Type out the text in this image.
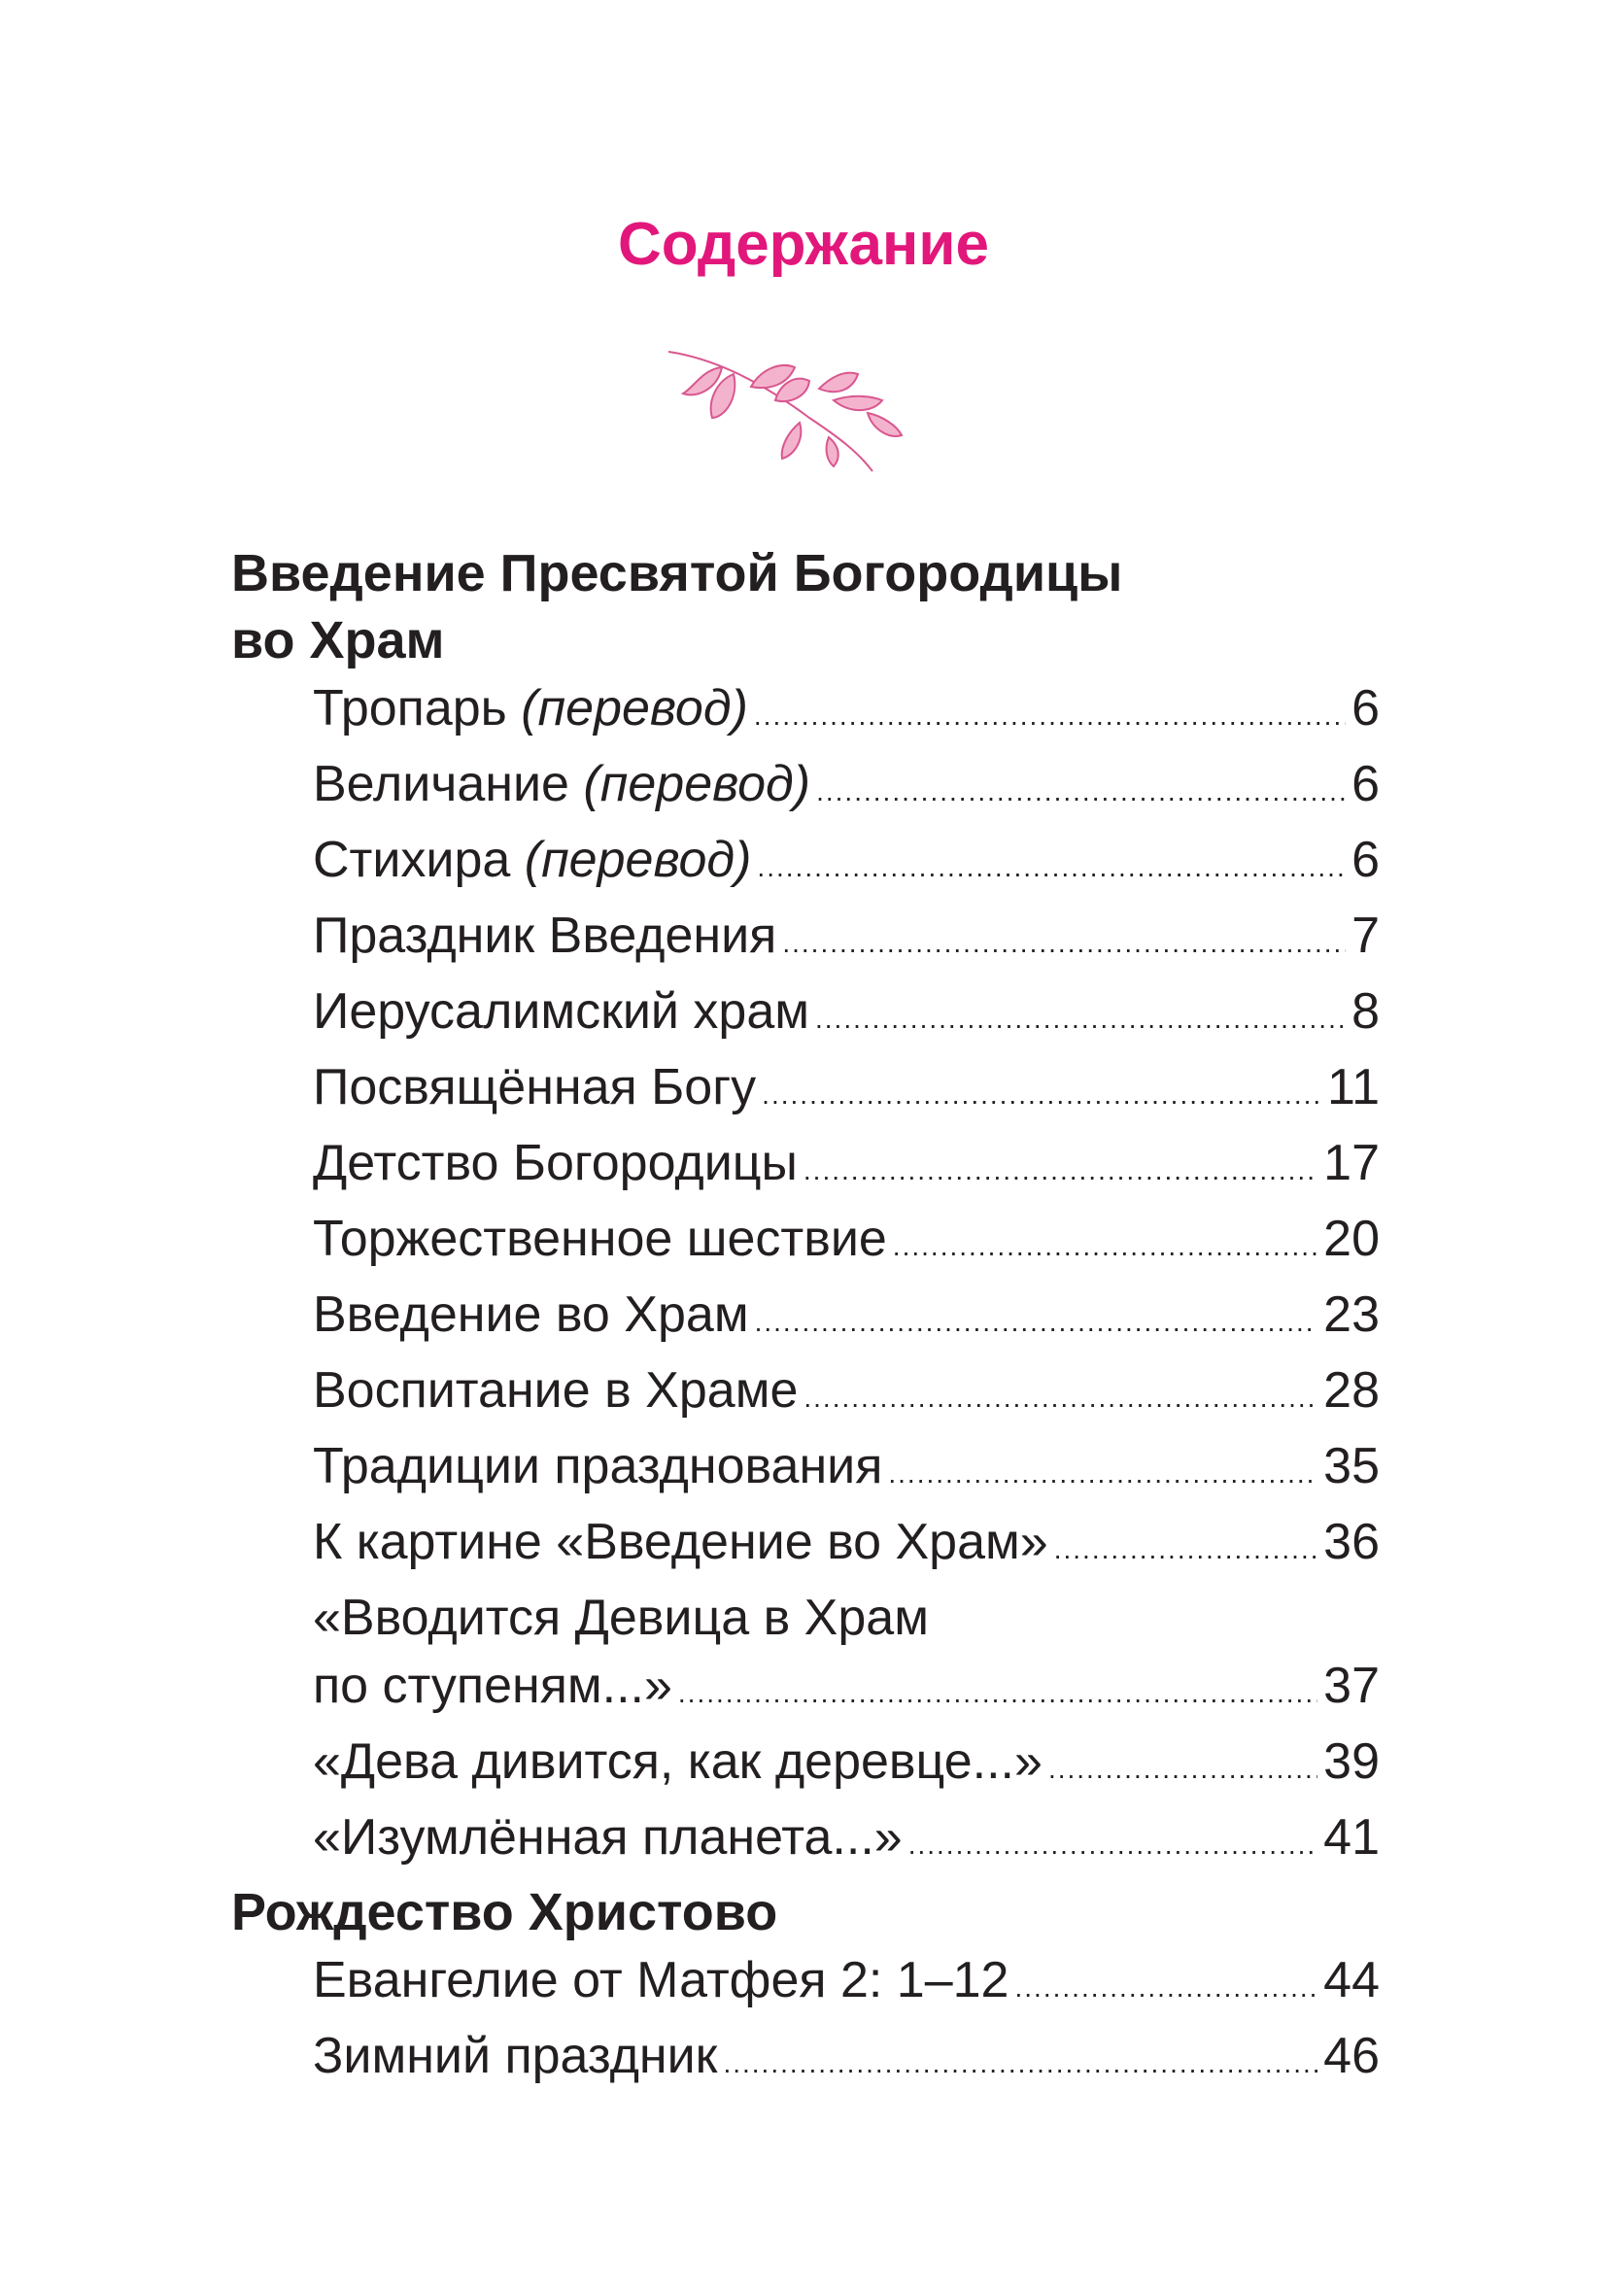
Содержание
Введение Пресвятой Богородицы
во Храм
Тропарь (перевод) .....	6
Величание (перевод) .....	6
Стихира (перевод) .....	6
Праздник Введения .....	7
Иерусалимский храм .....	8
Посвящённая Богу .....	11
Детство Богородицы .....	17
Торжественное шествие .....	20
Введение во Храм .....	23
Воспитание в Храме .....	28
Традиции празднования .....	35
К картине «Введение во Храм» .....	36
«Вводится Девица в Храм
по ступеням...» .....	37
«Дева дивится, как деревце...» .....	39
«Изумлённая планета...» .....	41
Рождество Христово
Евангелие от Матфея 2: 1–12 .....	44
Зимний праздник .....	46
